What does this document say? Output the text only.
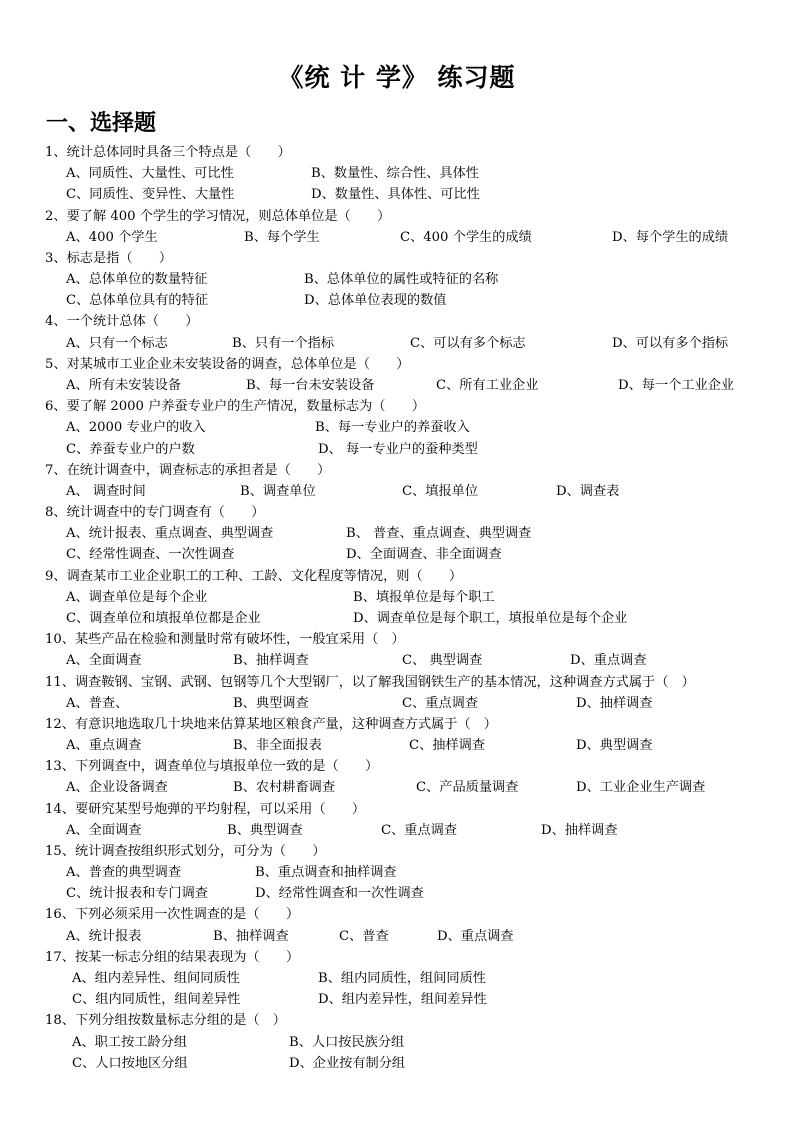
《统 计 学》 练习题
一、选择题
1、统计总体同时具备三个特点是（　　）
A、同质性、大量性、可比性	B、数量性、综合性、具体性
C、同质性、变异性、大量性	D、数量性、具体性、可比性
2、要了解 400 个学生的学习情况，则总体单位是（　　）
A、400 个学生	B、每个学生	C、400 个学生的成绩	D、每个学生的成绩
3、标志是指（　　）
A、总体单位的数量特征	B、总体单位的属性或特征的名称
C、总体单位具有的特征	D、总体单位表现的数值
4、一个统计总体（　　）
A、只有一个标志	B、只有一个指标	C、可以有多个标志	D、可以有多个指标
5、对某城市工业企业未安装设备的调查，总体单位是（　　）
A、所有未安装设备	B、每一台未安装设备	C、所有工业企业	D、每一个工业企业
6、要了解 2000 户养蚕专业户的生产情况，数量标志为（　　）
A、2000 专业户的收入	B、每一专业户的养蚕收入
C、养蚕专业户的户数	D、 每一专业户的蚕种类型
7、在统计调查中，调查标志的承担者是（　　）
A、 调查时间	B、调查单位	C、填报单位	D、调查表
8、统计调查中的专门调查有（　　）
A、统计报表、重点调查、典型调查	B、 普查、重点调查、典型调查
C、经常性调查、一次性调查	D、全面调查、非全面调查
9、调查某市工业企业职工的工种、工龄、文化程度等情况，则（　　）
A、调查单位是每个企业	B、填报单位是每个职工
C、调查单位和填报单位都是企业	D、调查单位是每个职工，填报单位是每个企业
10、某些产品在检验和测量时常有破坏性，一般宜采用（　）
A、全面调查	B、抽样调查	C、 典型调查	D、重点调查
11、调查鞍钢、宝钢、武钢、包钢等几个大型钢厂，以了解我国钢铁生产的基本情况，这种调查方式属于（　）
A、普查、	B、典型调查	C、重点调查	D、抽样调查
12、有意识地选取几十块地来估算某地区粮食产量，这种调查方式属于（　）
A、重点调查	B、非全面报表	C、抽样调查	D、典型调查
13、下列调查中，调查单位与填报单位一致的是（　　）
A、企业设备调查	B、农村耕畜调查	C、产品质量调查	D、工业企业生产调查
14、要研究某型号炮弹的平均射程，可以采用（　　）
A、全面调查	B、典型调查	C、重点调查	D、抽样调查
15、统计调查按组织形式划分，可分为（　　）
A、普查的典型调查	B、重点调查和抽样调查
C、统计报表和专门调查	D、经常性调查和一次性调查
16、下列必须采用一次性调查的是（　　）
A、统计报表	B、抽样调查	C、普查	D、重点调查
17、按某一标志分组的结果表现为（　　）
A、组内差异性、组间同质性	B、组内同质性，组间同质性
C、组内同质性，组间差异性	D、组内差异性，组间差异性
18、下列分组按数量标志分组的是（　）
A、职工按工龄分组	B、人口按民族分组
C、人口按地区分组	D、企业按有制分组
